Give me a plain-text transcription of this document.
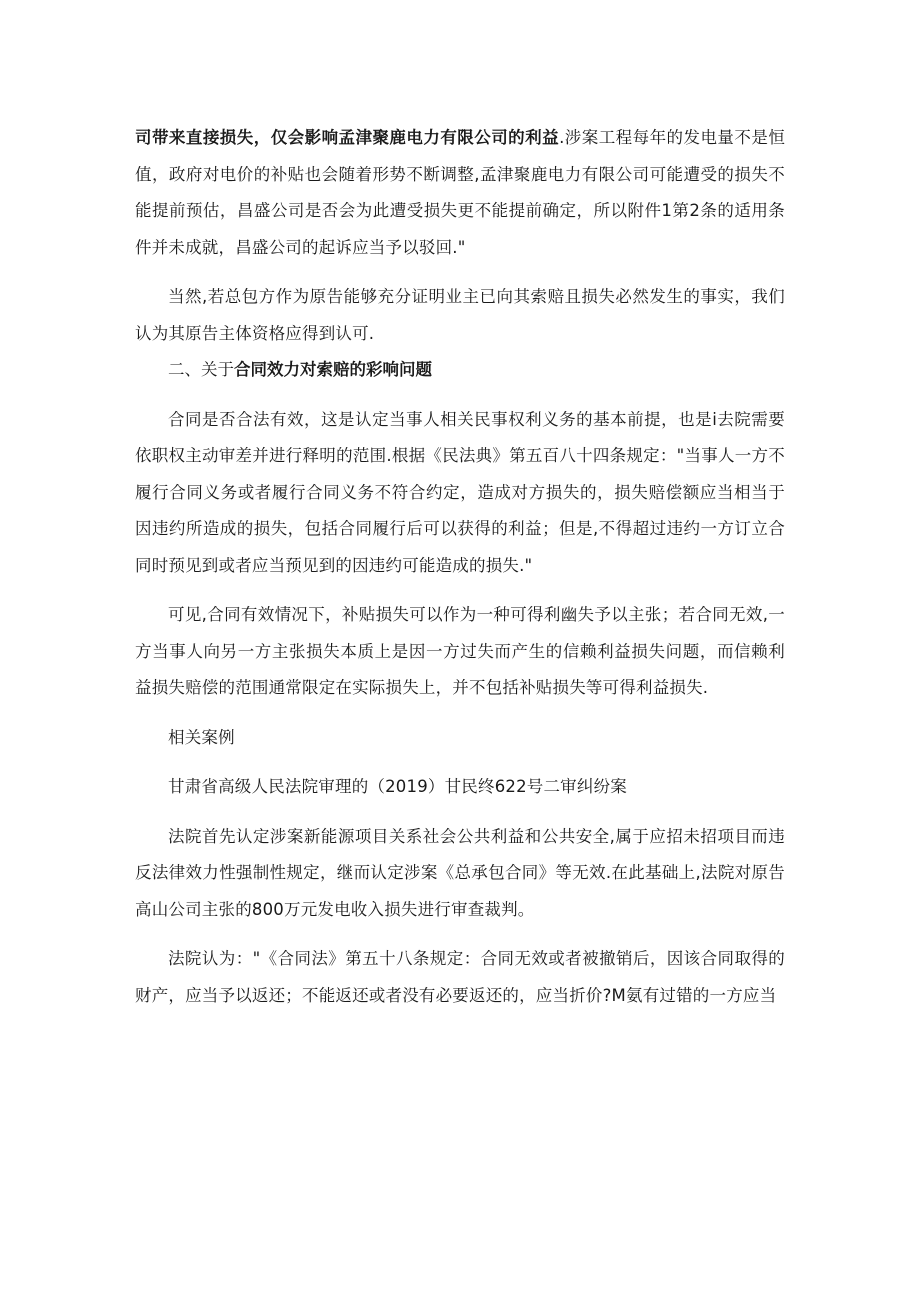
司带来直接损失，仅会影响孟津聚鹿电力有限公司的利益.涉案工程每年的发电量不是恒值，政府对电价的补贴也会随着形势不断调整,孟津聚鹿电力有限公司可能遭受的损失不能提前预估，昌盛公司是否会为此遭受损失更不能提前确定，所以附件1第2条的适用条件并未成就，昌盛公司的起诉应当予以驳回."

当然,若总包方作为原告能够充分证明业主已向其索赔且损失必然发生的事实，我们认为其原告主体资格应得到认可.

二、关于合同效力对索赔的彩响问题

合同是否合法有效，这是认定当事人相关民事权利义务的基本前提，也是i去院需要依职权主动审差并进行释明的范围.根据《民法典》第五百八十四条规定："当事人一方不履行合同义务或者履行合同义务不符合约定，造成对方损失的，损失赔偿额应当相当于因违约所造成的损失，包括合同履行后可以获得的利益；但是,不得超过违约一方订立合同时预见到或者应当预见到的因违约可能造成的损失."

可见,合同有效情况下，补贴损失可以作为一种可得利幽失予以主张；若合同无效,一方当事人向另一方主张损失本质上是因一方过失而产生的信赖利益损失问题，而信赖利益损失赔偿的范围通常限定在实际损失上，并不包括补贴损失等可得利益损失.

相关案例

甘肃省高级人民法院审理的（2019）甘民终622号二审纠纷案

法院首先认定涉案新能源项目关系社会公共利益和公共安全,属于应招未招项目而违反法律效力性强制性规定，继而认定涉案《总承包合同》等无效.在此基础上,法院对原告高山公司主张的800万元发电收入损失进行审查裁判。

法院认为："《合同法》第五十八条规定：合同无效或者被撤销后，因该合同取得的财产，应当予以返还；不能返还或者没有必要返还的，应当折价?M氨有过错的一方应当
